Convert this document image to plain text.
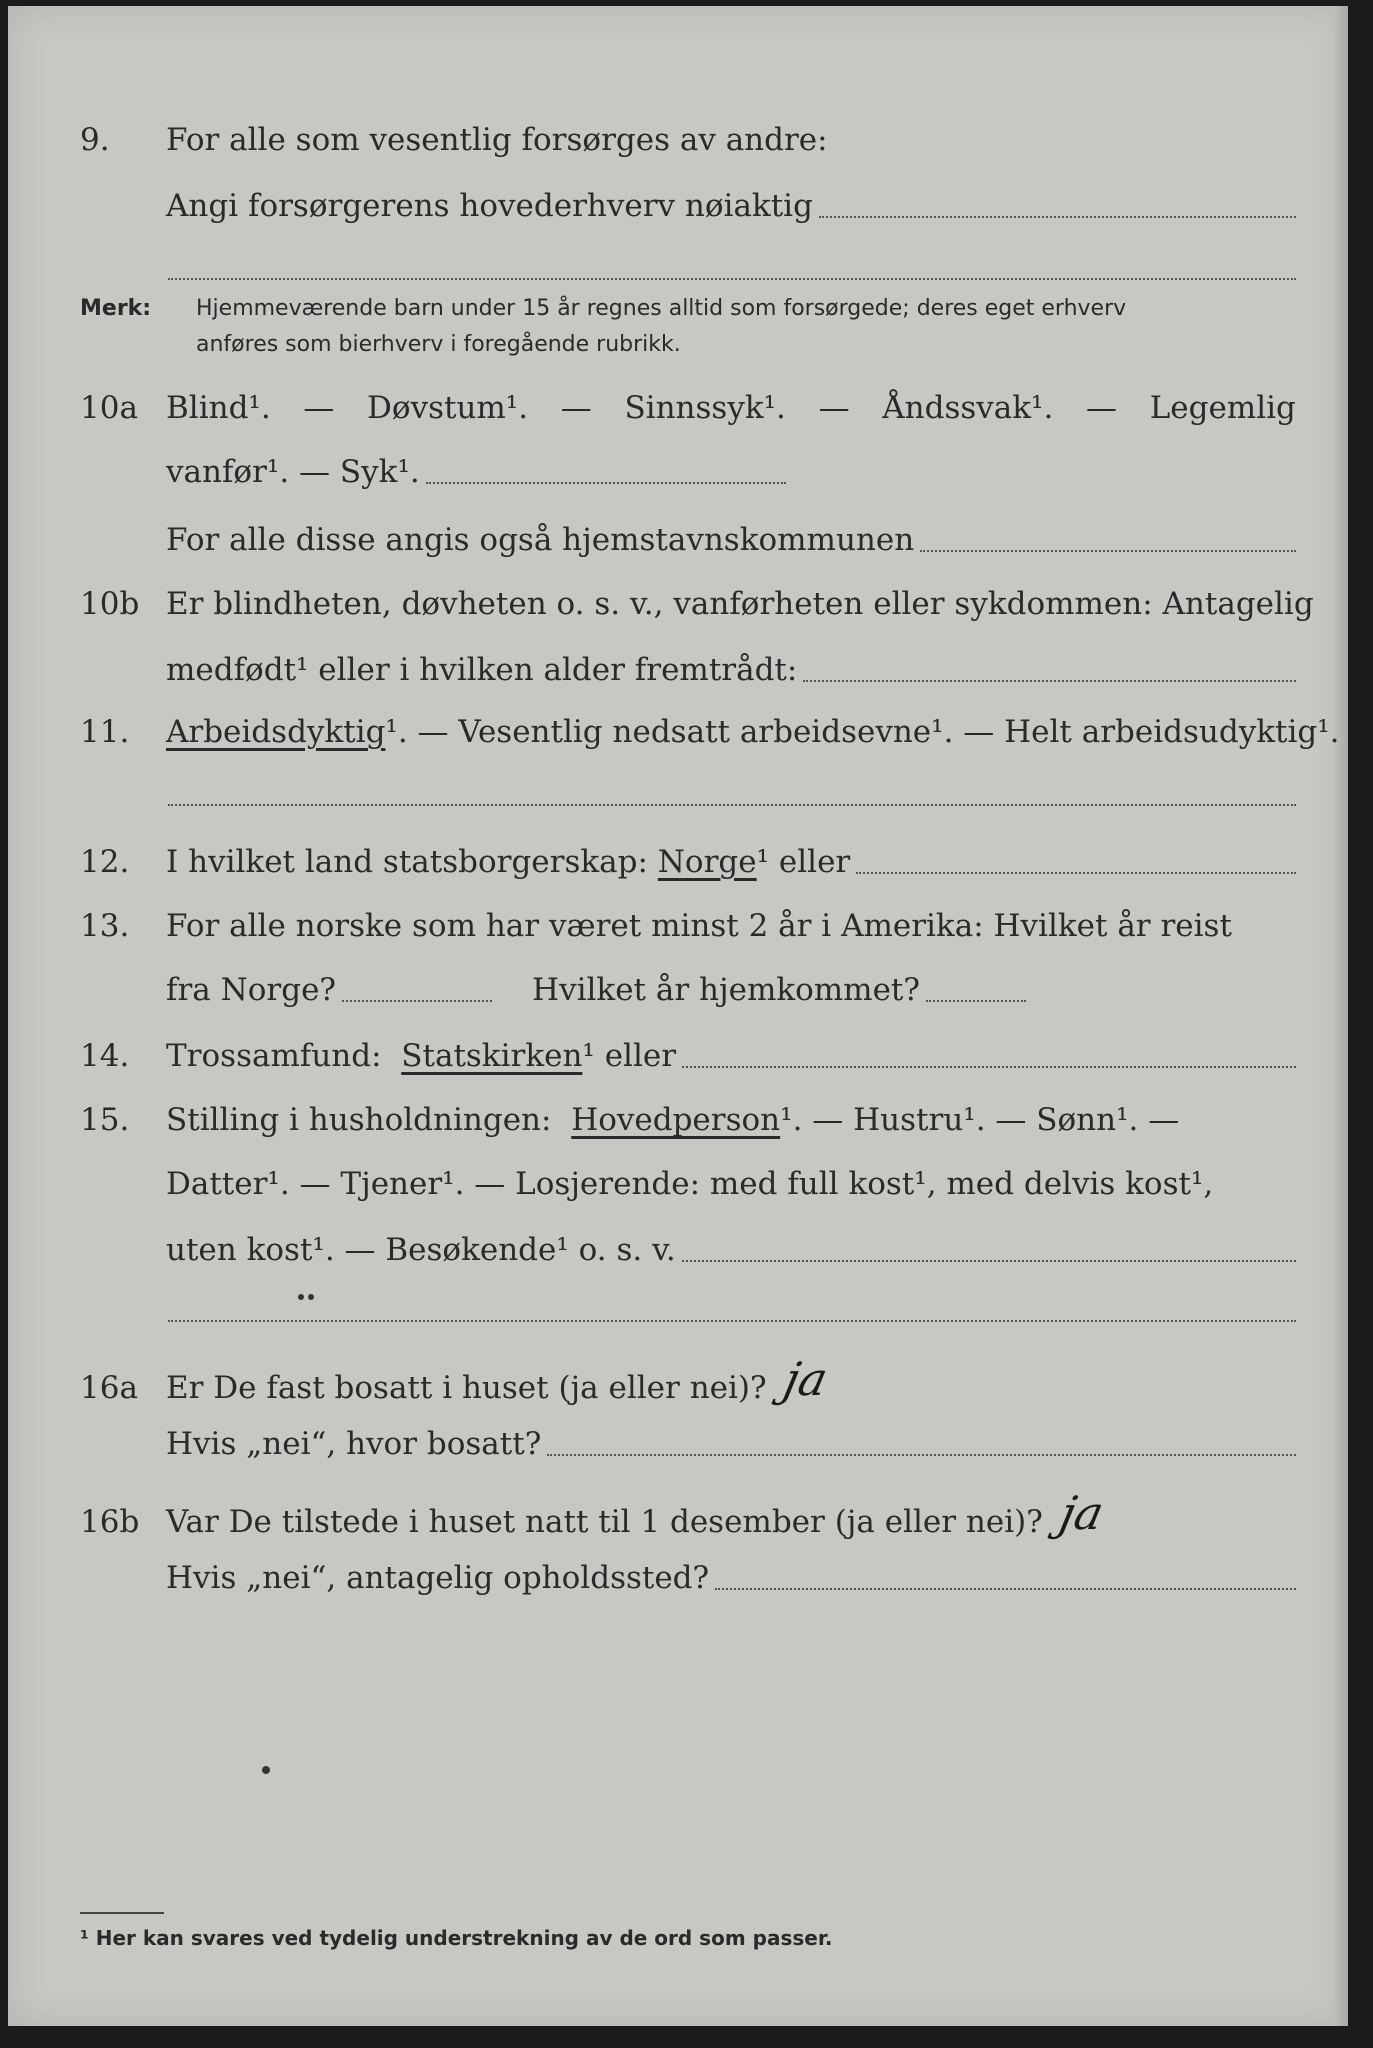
9. For alle som vesentlig forsørges av andre:
Angi forsørgerens hovederhverv nøiaktig
Merk: Hjemmeværende barn under 15 år regnes alltid som forsørgede; deres eget erhverv
anføres som bierhverv i foregående rubrikk.
10a Blind¹. — Døvstum¹. — Sinnssyk¹. — Åndssvak¹. — Legemlig
vanfør¹. — Syk¹.
For alle disse angis også hjemstavnskommunen
10b Er blindheten, døvheten o. s. v., vanførheten eller sykdommen: Antagelig
medfødt¹ eller i hvilken alder fremtrådt:
11. Arbeidsdyktig ¹. — Vesentlig nedsatt arbeidsevne¹. — Helt arbeidsudyktig¹.
12. I hvilket land statsborgerskap:
Norge ¹ eller
13. For alle norske som har været minst 2 år i Amerika: Hvilket år reist
fra Norge?	Hvilket år hjemkommet?
14. Trossamfund:
Statskirken ¹ eller
15. Stilling i husholdningen:
Hovedperson ¹. — Hustru¹. — Sønn¹. —
Datter¹. — Tjener¹. — Losjerende: med full kost¹, med delvis kost¹,
uten kost¹. — Besøkende¹ o. s. v.
16a Er De fast bosatt i huset (ja eller nei)? ja
Hvis „nei“, hvor bosatt?
16b Var De tilstede i huset natt til 1 desember (ja eller nei)? ja
Hvis „nei“, antagelig opholdssted?
¹ Her kan svares ved tydelig understrekning av de ord som passer.
